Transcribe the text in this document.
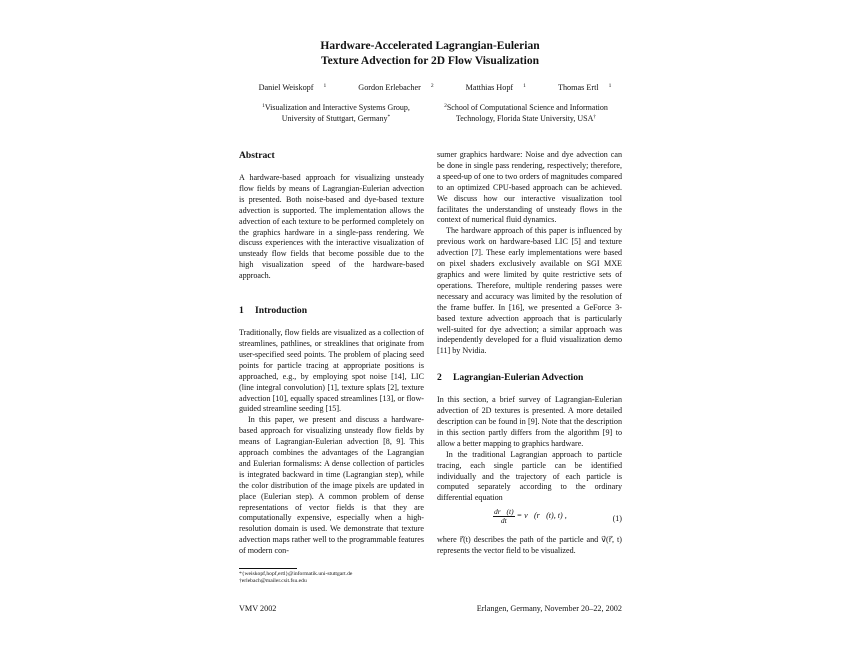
Hardware-Accelerated Lagrangian-Eulerian
Texture Advection for 2D Flow Visualization
Daniel Weiskopf $^1$	Gordon Erlebacher $^2$	Matthias Hopf $^1$	Thomas Ertl $^1$
$^1$Visualization and Interactive Systems Group,
University of Stuttgart, Germany*
$^2$School of Computational Science and Information
Technology, Florida State University, USA†
Abstract

A hardware-based approach for visualizing unsteady flow fields by means of Lagrangian-Eulerian advection is presented. Both noise-based and dye-based texture advection is supported. The implementation allows the advection of each texture to be performed completely on the graphics hardware in a single-pass rendering. We discuss experiences with the interactive visualization of unsteady flow fields that become possible due to the high visualization speed of the hardware-based approach.

1 Introduction

Traditionally, flow fields are visualized as a collection of streamlines, pathlines, or streaklines that originate from user-specified seed points. The problem of placing seed points for particle tracing at appropriate positions is approached, e.g., by employing spot noise [14], LIC (line integral convolution) [1], texture splats [2], texture advection [10], equally spaced streamlines [13], or flow-guided streamline seeding [15].

In this paper, we present and discuss a hardware-based approach for visualizing unsteady flow fields by means of Lagrangian-Eulerian advection [8, 9]. This approach combines the advantages of the Lagrangian and Eulerian formalisms: A dense collection of particles is integrated backward in time (Lagrangian step), while the color distribution of the image pixels are updated in place (Eulerian step). A common problem of dense representations of vector fields is that they are computationally expensive, especially when a high-resolution domain is used. We demonstrate that texture advection maps rather well to the programmable features of modern con-

*{weiskopf,hopf,ertl}@informatik.uni-stuttgart.de
†erlebach@mailer.csit.fsu.edu

sumer graphics hardware: Noise and dye advection can be done in single pass rendering, respectively; therefore, a speed-up of one to two orders of magnitudes compared to an optimized CPU-based approach can be achieved. We discuss how our interactive visualization tool facilitates the understanding of unsteady flows in the context of numerical fluid dynamics.

The hardware approach of this paper is influenced by previous work on hardware-based LIC [5] and texture advection [7]. These early implementations were based on pixel shaders exclusively available on SGI MXE graphics and were limited by quite restrictive sets of operations. Therefore, multiple rendering passes were necessary and accuracy was limited by the resolution of the frame buffer. In [16], we presented a GeForce 3-based texture advection approach that is particularly well-suited for dye advection; a similar approach was independently developed for a fluid visualization demo [11] by Nvidia.

2 Lagrangian-Eulerian Advection

In this section, a brief survey of Lagrangian-Eulerian advection of 2D textures is presented. A more detailed description can be found in [9]. Note that the description in this section partly differs from the algorithm [9] to allow a better mapping to graphics hardware.

In the traditional Lagrangian approach to particle tracing, each single particle can be identified individually and the trajectory of each particle is computed separately according to the ordinary differential equation

$\frac{dr⃗(t)}{dt}$ = v⃗(r⃗(t), t) ,	(1)

where r⃗(t) describes the path of the particle and v⃗(r⃗, t) represents the vector field to be visualized.

VMV 2002	Erlangen, Germany, November 20–22, 2002
